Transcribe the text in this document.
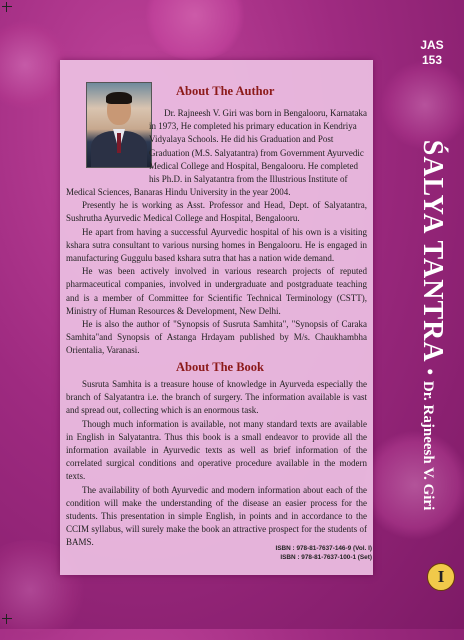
JAS
153
ŚALYA TANTRA
•
Dr. Rajneesh V. Giri
I
About The Author

Dr. Rajneesh V. Giri was born in Bengalooru, Karnataka

in 1973, He completed his primary education in Kendriya

Vidyalaya Schools. He did his Graduation and Post

Graduation (M.S. Salyatantra) from Government Ayurvedic

Medical College and Hospital, Bengalooru. He completed

his Ph.D. in Salyatantra from the Illustrious Institute of

Medical Sciences, Banaras Hindu University in the year 2004.

Presently he is working as Asst. Professor and Head, Dept. of Salyatantra, Sushrutha Ayurvedic Medical College and Hospital, Bengalooru.

He apart from having a successful Ayurvedic hospital of his own is a visiting kshara sutra consultant to various nursing homes in Bengalooru. He is engaged in manufacturing Guggulu based kshara sutra that has a nation wide demand.

He was been actively involved in various research projects of reputed pharmaceutical companies, involved in undergraduate and postgraduate teaching and is a member of Committee for Scientific Technical Terminology (CSTT), Ministry of Human Resources & Development, New Delhi.

He is also the author of "Synopsis of Susruta Samhita", "Synopsis of Caraka Samhita"and Synopsis of Astanga Hrdayam published by M/s. Chaukhambha Orientalia, Varanasi.

About The Book

Susruta Samhita is a treasure house of knowledge in Ayurveda especially the branch of Salyatantra i.e. the branch of surgery. The information available is vast and spread out, collecting which is an enormous task.

Though much information is available, not many standard texts are available in English in Salyatantra. Thus this book is a small endeavor to provide all the information available in Ayurvedic texts as well as brief information of the correlated surgical conditions and operative procedure available in the modern texts.

The availability of both Ayurvedic and modern information about each of the condition will make the understanding of the disease an easier process for the students. This presentation in simple English, in points and in accordance to the CCIM syllabus, will surely make the book an attractive prospect for the students of BAMS.

ISBN : 978-81-7637-146-9 (Vol. I)
ISBN : 978-81-7637-100-1 (Set)
